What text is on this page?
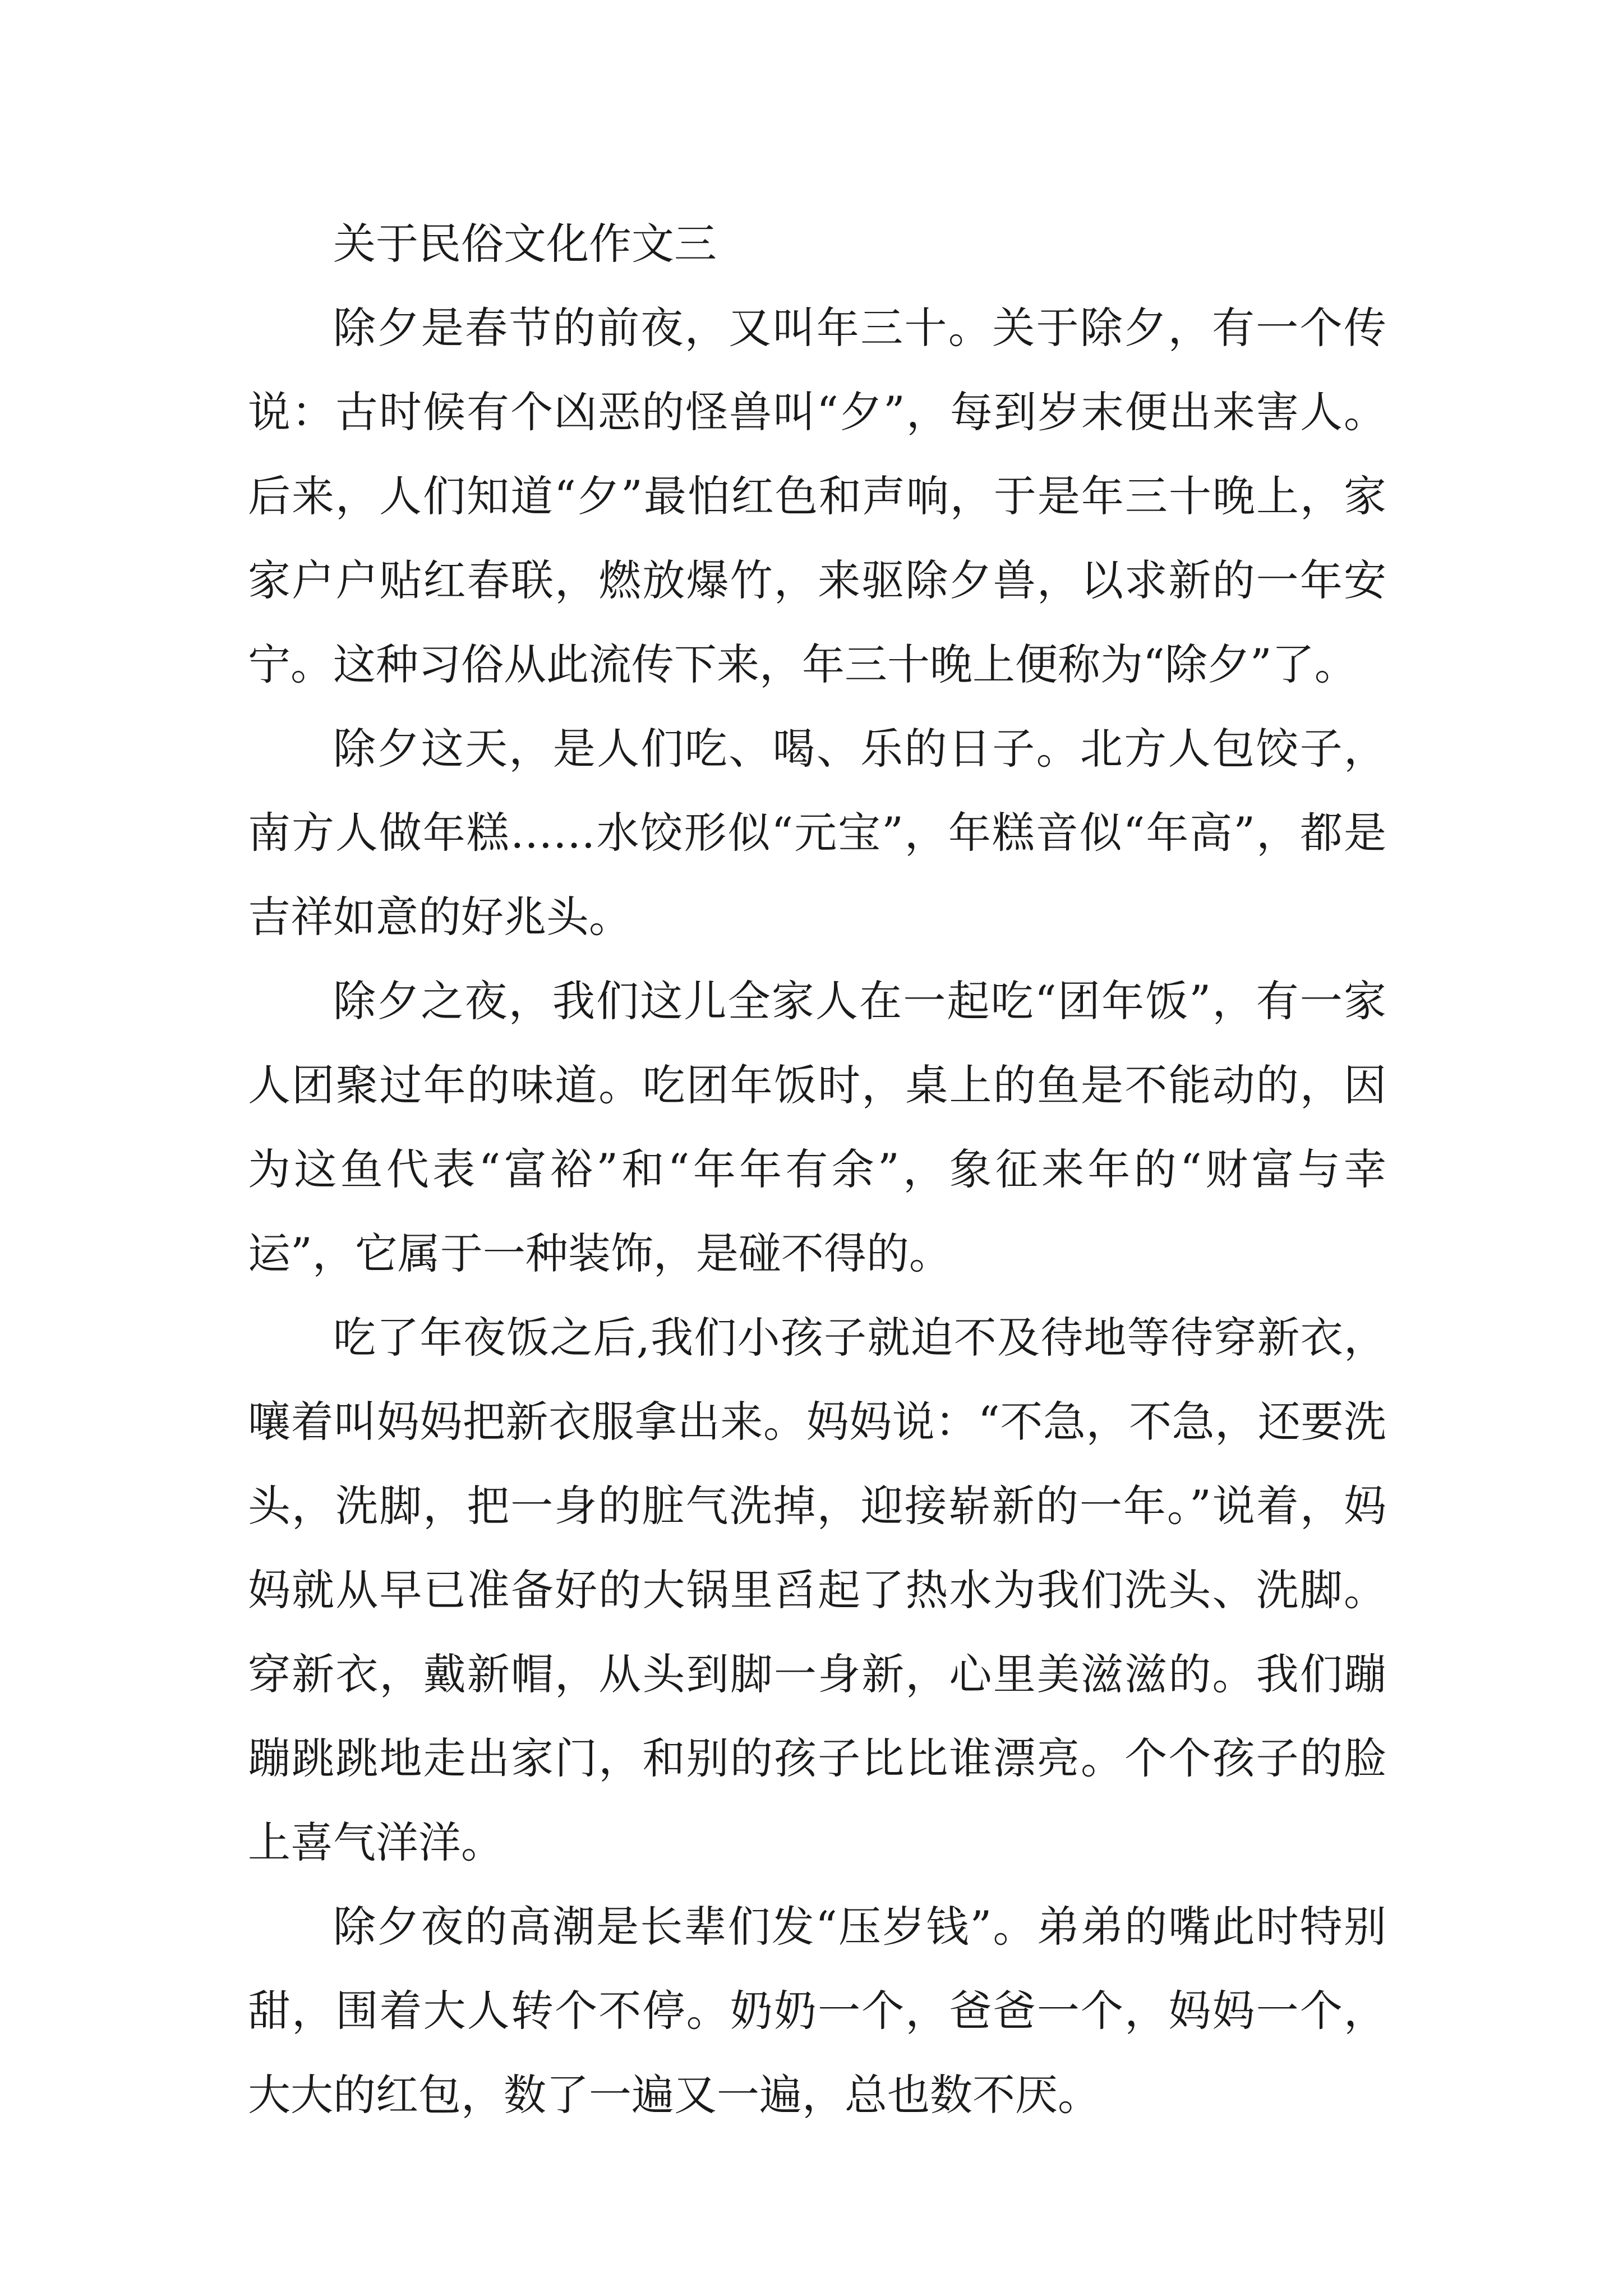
关于民俗文化作文三

除夕是春节的前夜，又叫年三十。关于除夕，有一个传说：古时候有个凶恶的怪兽叫“夕”，每到岁末便出来害人。后来，人们知道“夕”最怕红色和声响，于是年三十晚上，家家户户贴红春联，燃放爆竹，来驱除夕兽，以求新的一年安宁。这种习俗从此流传下来，年三十晚上便称为“除夕”了。

除夕这天，是人们吃、喝、乐的日子。北方人包饺子，南方人做年糕……水饺形似“元宝”，年糕音似“年高”，都是吉祥如意的好兆头。

除夕之夜，我们这儿全家人在一起吃“团年饭”，有一家人团聚过年的味道。吃团年饭时，桌上的鱼是不能动的，因为这鱼代表“富裕”和“年年有余”，象征来年的“财富与幸运”，它属于一种装饰，是碰不得的。

吃了年夜饭之后,我们小孩子就迫不及待地等待穿新衣，嚷着叫妈妈把新衣服拿出来。妈妈说：“不急，不急，还要洗头，洗脚，把一身的脏气洗掉，迎接崭新的一年。”说着，妈妈就从早已准备好的大锅里舀起了热水为我们洗头、洗脚。穿新衣，戴新帽，从头到脚一身新，心里美滋滋的。我们蹦蹦跳跳地走出家门，和别的孩子比比谁漂亮。个个孩子的脸上喜气洋洋。

除夕夜的高潮是长辈们发“压岁钱”。弟弟的嘴此时特别甜，围着大人转个不停。奶奶一个，爸爸一个，妈妈一个，大大的红包，数了一遍又一遍，总也数不厌。
